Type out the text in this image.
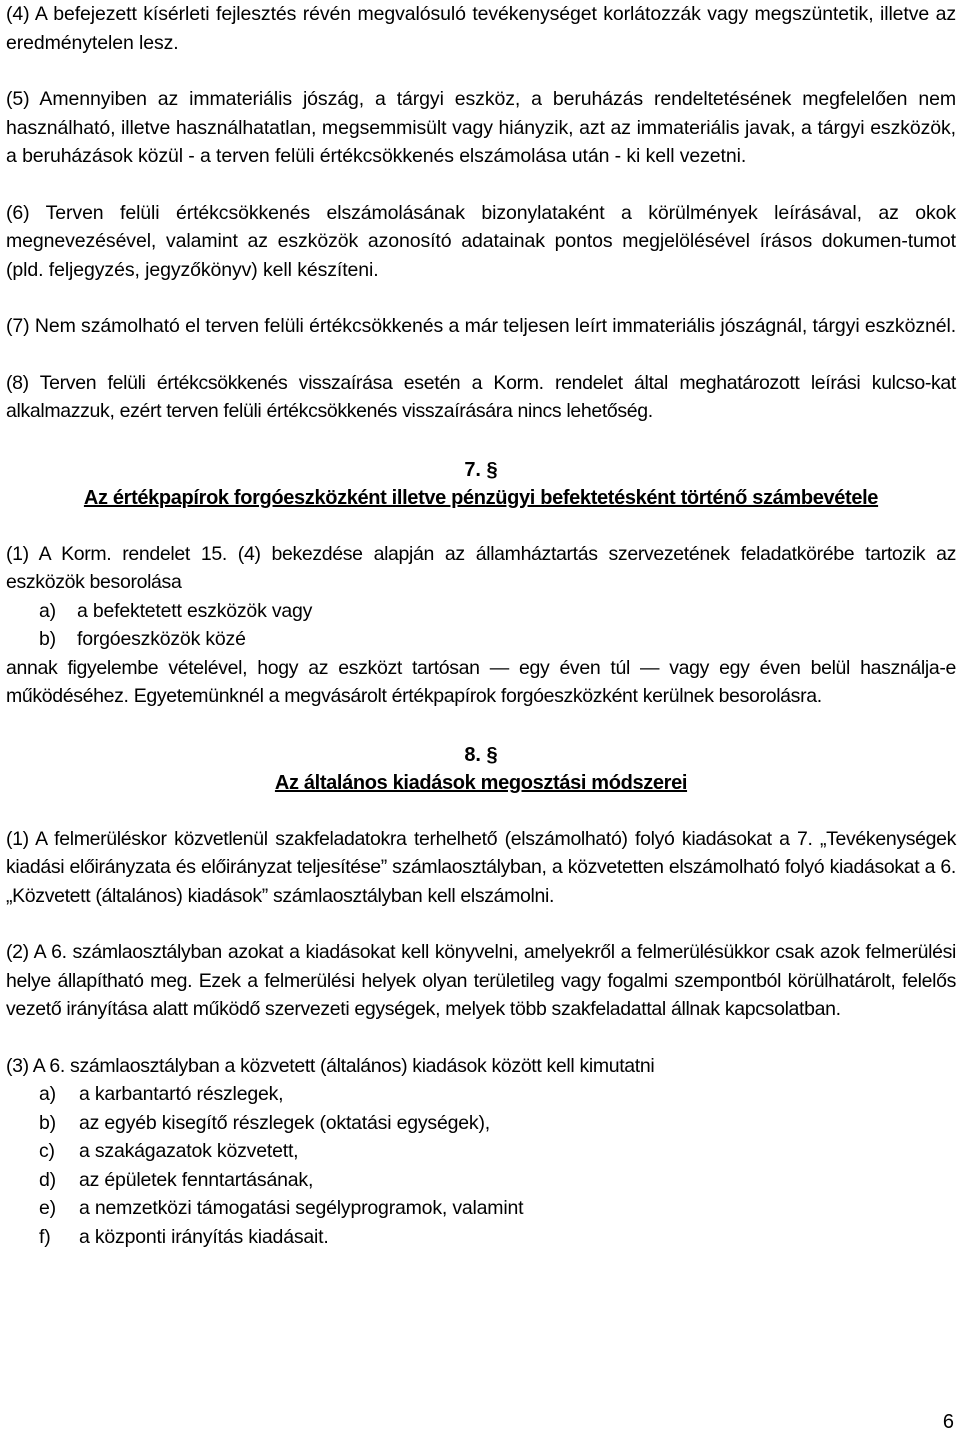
(4) A befejezett kísérleti fejlesztés révén megvalósuló tevékenységet korlátozzák vagy megszüntetik, illetve az eredménytelen lesz.

(5) Amennyiben az immateriális jószág, a tárgyi eszköz, a beruházás rendeltetésének megfelelően nem használható, illetve használhatatlan, megsemmisült vagy hiányzik, azt az immateriális javak, a tárgyi eszközök, a beruházások közül - a terven felüli értékcsökkenés elszámolása után - ki kell vezetni.

(6) Terven felüli értékcsökkenés elszámolásának bizonylataként a körülmények leírásával, az okok megnevezésével, valamint az eszközök azonosító adatainak pontos megjelölésével írásos dokumen-tumot (pld. feljegyzés, jegyzőkönyv) kell készíteni.

(7) Nem számolható el terven felüli értékcsökkenés a már teljesen leírt immateriális jószágnál, tárgyi eszköznél.

(8) Terven felüli értékcsökkenés visszaírása esetén a Korm. rendelet által meghatározott leírási kulcso-kat alkalmazzuk, ezért terven felüli értékcsökkenés visszaírására nincs lehetőség.

7. §

Az értékpapírok forgóeszközként illetve pénzügyi befektetésként történő számbevétele

(1) A Korm. rendelet 15. (4) bekezdése alapján az államháztartás szervezetének feladatkörébe tartozik az eszközök besorolása

a)	a befektetett eszközök vagy
b)	forgóeszközök közé

annak figyelembe vételével, hogy az eszközt tartósan — egy éven túl — vagy egy éven belül használja-e működéséhez. Egyetemünknél a megvásárolt értékpapírok forgóeszközként kerülnek besorolásra.

8. §

Az általános kiadások megosztási módszerei

(1) A felmerüléskor közvetlenül szakfeladatokra terhelhető (elszámolható) folyó kiadásokat a 7. „Tevékenységek kiadási előirányzata és előirányzat teljesítése” számlaosztályban, a közvetetten elszámolható folyó kiadásokat a 6. „Közvetett (általános) kiadások” számlaosztályban kell elszámolni.

(2) A 6. számlaosztályban azokat a kiadásokat kell könyvelni, amelyekről a felmerülésükkor csak azok felmerülési helye állapítható meg. Ezek a felmerülési helyek olyan területileg vagy fogalmi szempontból körülhatárolt, felelős vezető irányítása alatt működő szervezeti egységek, melyek több szakfeladattal állnak kapcsolatban.

(3) A 6. számlaosztályban a közvetett (általános) kiadások között kell kimutatni

a)	a karbantartó részlegek,
b)	az egyéb kisegítő részlegek (oktatási egységek),
c)	a szakágazatok közvetett,
d)	az épületek fenntartásának,
e)	a nemzetközi támogatási segélyprogramok, valamint
f)	a központi irányítás kiadásait.
6
